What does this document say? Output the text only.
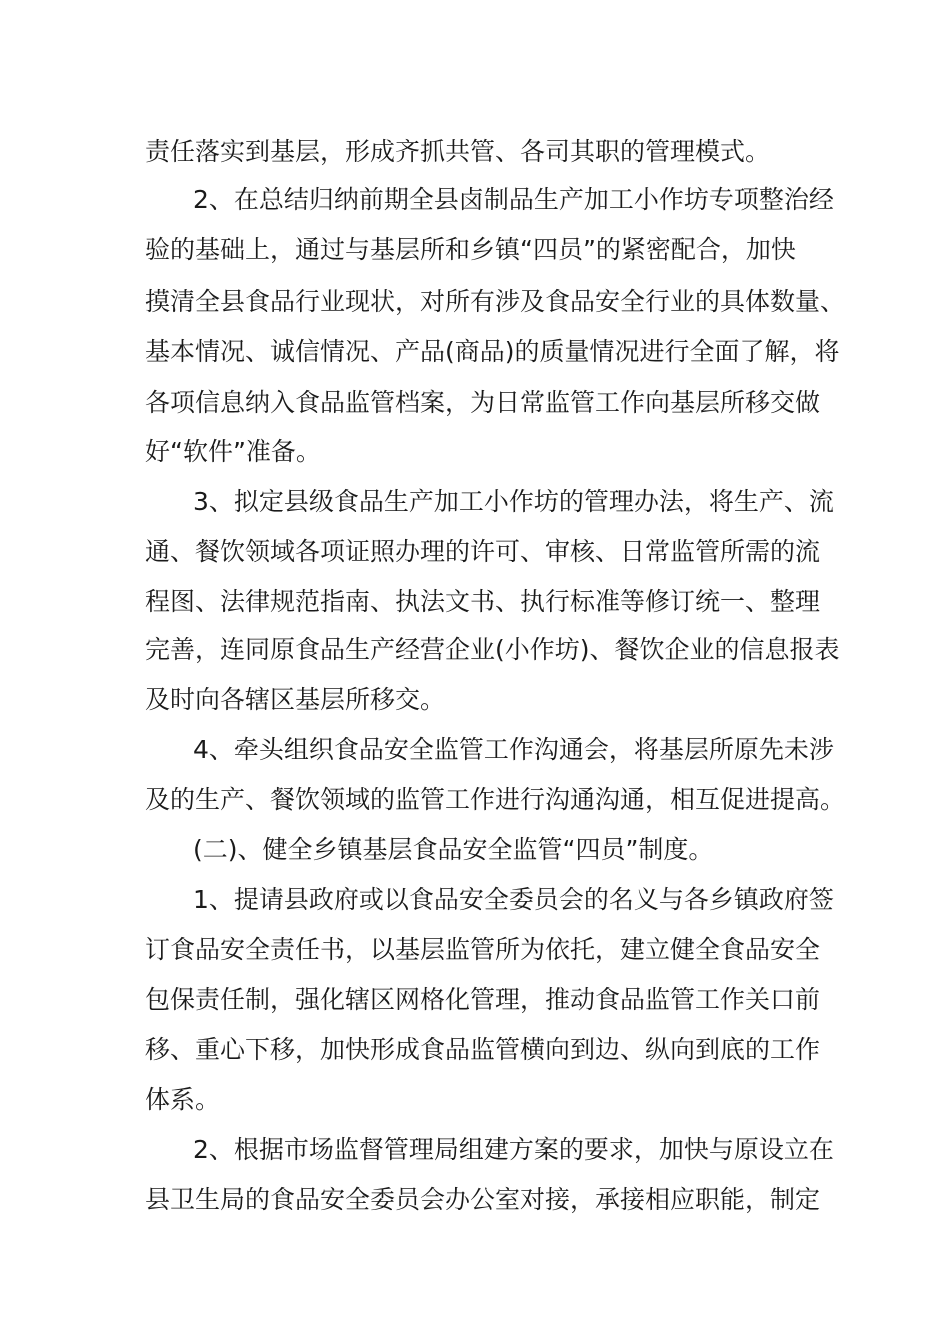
责任落实到基层，形成齐抓共管、各司其职的管理模式。
2、在总结归纳前期全县卤制品生产加工小作坊专项整治经
验的基础上，通过与基层所和乡镇“四员”的紧密配合，加快
摸清全县食品行业现状，对所有涉及食品安全行业的具体数量、
基本情况、诚信情况、产品(商品)的质量情况进行全面了解，将
各项信息纳入食品监管档案，为日常监管工作向基层所移交做
好“软件”准备。
3、拟定县级食品生产加工小作坊的管理办法，将生产、流
通、餐饮领域各项证照办理的许可、审核、日常监管所需的流
程图、法律规范指南、执法文书、执行标准等修订统一、整理
完善，连同原食品生产经营企业(小作坊)、餐饮企业的信息报表
及时向各辖区基层所移交。
4、牵头组织食品安全监管工作沟通会，将基层所原先未涉
及的生产、餐饮领域的监管工作进行沟通沟通，相互促进提高。
(二)、健全乡镇基层食品安全监管“四员”制度。
1、提请县政府或以食品安全委员会的名义与各乡镇政府签
订食品安全责任书，以基层监管所为依托，建立健全食品安全
包保责任制，强化辖区网格化管理，推动食品监管工作关口前
移、重心下移，加快形成食品监管横向到边、纵向到底的工作
体系。
2、根据市场监督管理局组建方案的要求，加快与原设立在
县卫生局的食品安全委员会办公室对接，承接相应职能，制定
